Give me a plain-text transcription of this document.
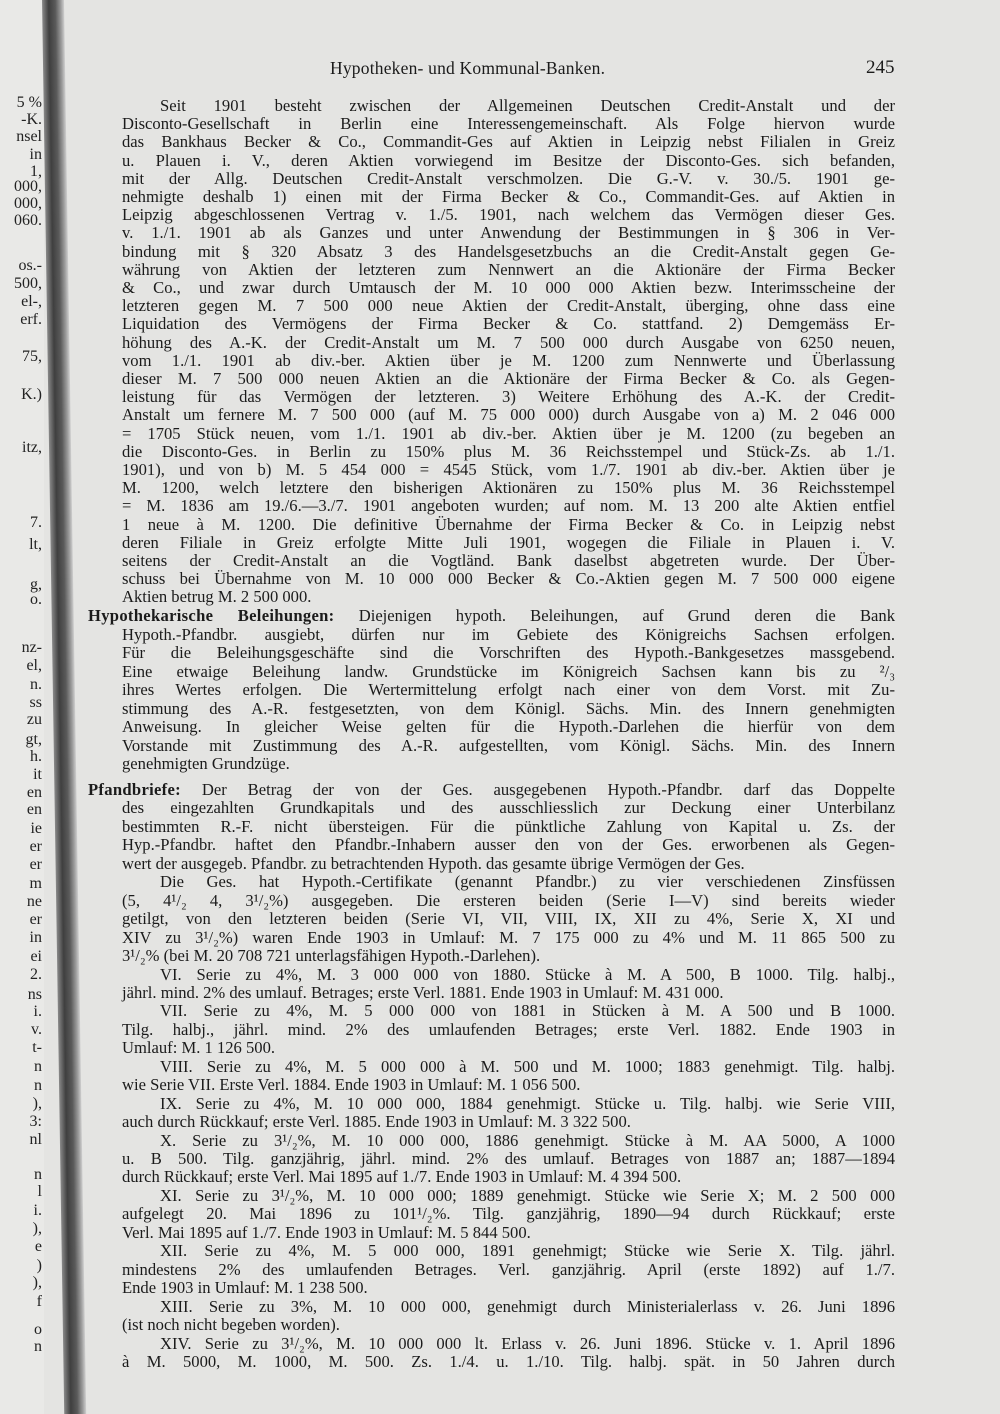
5 %
-K.
nsel
in
1,
000,
000,
060.
os.-
500,
el-,
erf.
75,
K.)
itz,
7.
lt,
g,
o.
nz-
el,
n.
ss
zu
gt,
h.
it
en
en
ie
er
er
m
ne
er
in
ei
2.
ns
i.
v.
t-
n
n
),
3:
nl
n
l
i.
),
e
)
),
f
o
n
Hypotheken- und Kommunal-Banken.	245
Seit 1901 besteht zwischen der Allgemeinen Deutschen Credit-Anstalt und der
Disconto-Gesellschaft in Berlin eine Interessengemeinschaft. Als Folge hiervon wurde
das Bankhaus Becker & Co., Commandit-Ges auf Aktien in Leipzig nebst Filialen in Greiz
u. Plauen i. V., deren Aktien vorwiegend im Besitze der Disconto-Ges. sich befanden,
mit der Allg. Deutschen Credit-Anstalt verschmolzen. Die G.-V. v. 30./5. 1901 ge-
nehmigte deshalb 1) einen mit der Firma Becker & Co., Commandit-Ges. auf Aktien in
Leipzig abgeschlossenen Vertrag v. 1./5. 1901, nach welchem das Vermögen dieser Ges.
v. 1./1. 1901 ab als Ganzes und unter Anwendung der Bestimmungen in § 306 in Ver-
bindung mit § 320 Absatz 3 des Handelsgesetzbuchs an die Credit-Anstalt gegen Ge-
währung von Aktien der letzteren zum Nennwert an die Aktionäre der Firma Becker
& Co., und zwar durch Umtausch der M. 10 000 000 Aktien bezw. Interimsscheine der
letzteren gegen M. 7 500 000 neue Aktien der Credit-Anstalt, überging, ohne dass eine
Liquidation des Vermögens der Firma Becker & Co. stattfand. 2) Demgemäss Er-
höhung des A.-K. der Credit-Anstalt um M. 7 500 000 durch Ausgabe von 6250 neuen,
vom 1./1. 1901 ab div.-ber. Aktien über je M. 1200 zum Nennwerte und Überlassung
dieser M. 7 500 000 neuen Aktien an die Aktionäre der Firma Becker & Co. als Gegen-
leistung für das Vermögen der letzteren. 3) Weitere Erhöhung des A.-K. der Credit-
Anstalt um fernere M. 7 500 000 (auf M. 75 000 000) durch Ausgabe von a) M. 2 046 000
= 1705 Stück neuen, vom 1./1. 1901 ab div.-ber. Aktien über je M. 1200 (zu begeben an
die Disconto-Ges. in Berlin zu 150% plus M. 36 Reichsstempel und Stück-Zs. ab 1./1.
1901), und von b) M. 5 454 000 = 4545 Stück, vom 1./7. 1901 ab div.-ber. Aktien über je
M. 1200, welch letztere den bisherigen Aktionären zu 150% plus M. 36 Reichsstempel
= M. 1836 am 19./6.—3./7. 1901 angeboten wurden; auf nom. M. 13 200 alte Aktien entfiel
1 neue à M. 1200. Die definitive Übernahme der Firma Becker & Co. in Leipzig nebst
deren Filiale in Greiz erfolgte Mitte Juli 1901, wogegen die Filiale in Plauen i. V.
seitens der Credit-Anstalt an die Vogtländ. Bank daselbst abgetreten wurde. Der Über-
schuss bei Übernahme von M. 10 000 000 Becker & Co.-Aktien gegen M. 7 500 000 eigene
Aktien betrug M. 2 500 000.
Hypothekarische Beleihungen: Diejenigen hypoth. Beleihungen, auf Grund deren die Bank
Hypoth.-Pfandbr. ausgiebt, dürfen nur im Gebiete des Königreichs Sachsen erfolgen.
Für die Beleihungsgeschäfte sind die Vorschriften des Hypoth.-Bankgesetzes massgebend.
Eine etwaige Beleihung landw. Grundstücke im Königreich Sachsen kann bis zu ²/₃
ihres Wertes erfolgen. Die Wertermittelung erfolgt nach einer von dem Vorst. mit Zu-
stimmung des A.-R. festgesetzten, von dem Königl. Sächs. Min. des Innern genehmigten
Anweisung. In gleicher Weise gelten für die Hypoth.-Darlehen die hierfür von dem
Vorstande mit Zustimmung des A.-R. aufgestellten, vom Königl. Sächs. Min. des Innern
genehmigten Grundzüge.
Pfandbriefe: Der Betrag der von der Ges. ausgegebenen Hypoth.-Pfandbr. darf das Doppelte
des eingezahlten Grundkapitals und des ausschliesslich zur Deckung einer Unterbilanz
bestimmten R.-F. nicht übersteigen. Für die pünktliche Zahlung von Kapital u. Zs. der
Hyp.-Pfandbr. haftet den Pfandbr.-Inhabern ausser den von der Ges. erworbenen als Gegen-
wert der ausgegeb. Pfandbr. zu betrachtenden Hypoth. das gesamte übrige Vermögen der Ges.
Die Ges. hat Hypoth.-Certifikate (genannt Pfandbr.) zu vier verschiedenen Zinsfüssen
(5, 4¹/₂ 4, 3¹/₂%) ausgegeben. Die ersteren beiden (Serie I—V) sind bereits wieder
getilgt, von den letzteren beiden (Serie VI, VII, VIII, IX, XII zu 4%, Serie X, XI und
XIV zu 3¹/₂%) waren Ende 1903 in Umlauf: M. 7 175 000 zu 4% und M. 11 865 500 zu
3¹/₂% (bei M. 20 708 721 unterlagsfähigen Hypoth.-Darlehen).
VI. Serie zu 4%, M. 3 000 000 von 1880. Stücke à M. A 500, B 1000. Tilg. halbj.,
jährl. mind. 2% des umlauf. Betrages; erste Verl. 1881. Ende 1903 in Umlauf: M. 431 000.
VII. Serie zu 4%, M. 5 000 000 von 1881 in Stücken à M. A 500 und B 1000.
Tilg. halbj., jährl. mind. 2% des umlaufenden Betrages; erste Verl. 1882. Ende 1903 in
Umlauf: M. 1 126 500.
VIII. Serie zu 4%, M. 5 000 000 à M. 500 und M. 1000; 1883 genehmigt. Tilg. halbj.
wie Serie VII. Erste Verl. 1884. Ende 1903 in Umlauf: M. 1 056 500.
IX. Serie zu 4%, M. 10 000 000, 1884 genehmigt. Stücke u. Tilg. halbj. wie Serie VIII,
auch durch Rückkauf; erste Verl. 1885. Ende 1903 in Umlauf: M. 3 322 500.
X. Serie zu 3¹/₂%, M. 10 000 000, 1886 genehmigt. Stücke à M. AA 5000, A 1000
u. B 500. Tilg. ganzjährig, jährl. mind. 2% des umlauf. Betrages von 1887 an; 1887—1894
durch Rückkauf; erste Verl. Mai 1895 auf 1./7. Ende 1903 in Umlauf: M. 4 394 500.
XI. Serie zu 3¹/₂%, M. 10 000 000; 1889 genehmigt. Stücke wie Serie X; M. 2 500 000
aufgelegt 20. Mai 1896 zu 101¹/₂%. Tilg. ganzjährig, 1890—94 durch Rückkauf; erste
Verl. Mai 1895 auf 1./7. Ende 1903 in Umlauf: M. 5 844 500.
XII. Serie zu 4%, M. 5 000 000, 1891 genehmigt; Stücke wie Serie X. Tilg. jährl.
mindestens 2% des umlaufenden Betrages. Verl. ganzjährig. April (erste 1892) auf 1./7.
Ende 1903 in Umlauf: M. 1 238 500.
XIII. Serie zu 3%, M. 10 000 000, genehmigt durch Ministerialerlass v. 26. Juni 1896
(ist noch nicht begeben worden).
XIV. Serie zu 3¹/₂%, M. 10 000 000 lt. Erlass v. 26. Juni 1896. Stücke v. 1. April 1896
à M. 5000, M. 1000, M. 500. Zs. 1./4. u. 1./10. Tilg. halbj. spät. in 50 Jahren durch
